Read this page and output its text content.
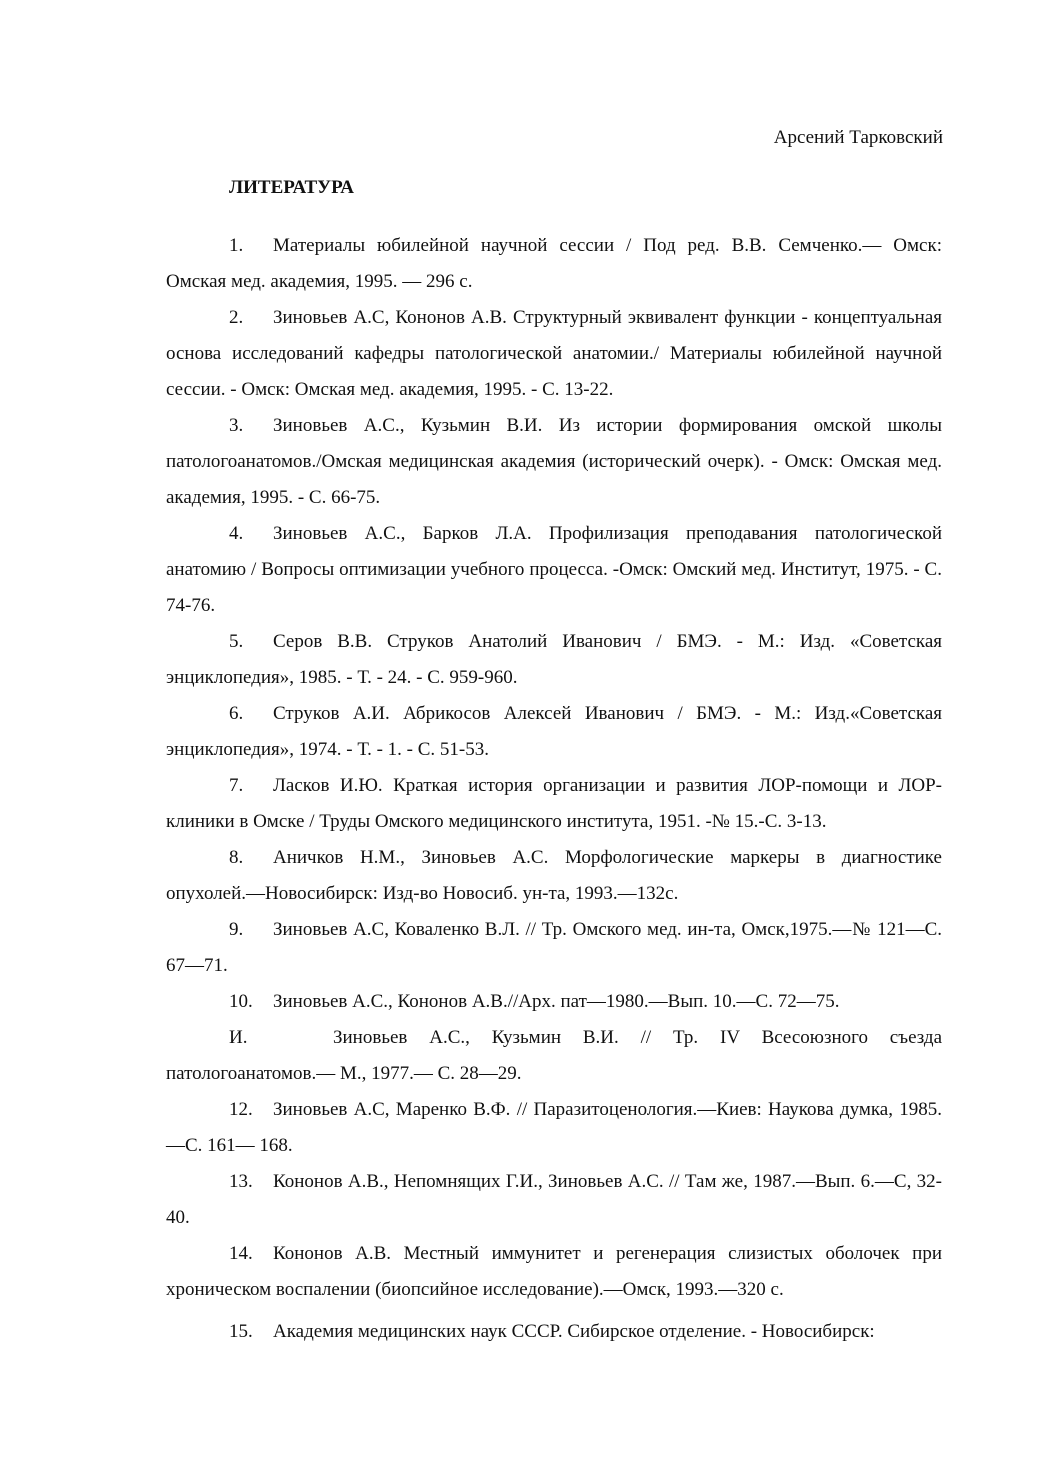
Арсений Тарковский
ЛИТЕРАТУРА
1. Материалы юбилейной научной сессии / Под ред. В.В. Семченко.— Омск: Омская мед. академия, 1995. — 296 с.
2. Зиновьев А.С, Кононов А.В. Структурный эквивалент функции - концептуальная основа исследований кафедры патологической анатомии./ Материалы юбилейной научной сессии. - Омск: Омская мед. академия, 1995. - С. 13-22.
3. Зиновьев А.С., Кузьмин В.И. Из истории формирования омской школы патологоанатомов./Омская медицинская академия (исторический очерк). - Омск: Омская мед. академия, 1995. - С. 66-75.
4. Зиновьев А.С., Барков Л.А. Профилизация преподавания патологической анатомию / Вопросы оптимизации учебного процесса. -Омск: Омский мед. Институт, 1975. - С. 74-76.
5. Серов В.В. Струков Анатолий Иванович / БМЭ. - М.: Изд. «Советская энциклопедия», 1985. - Т. - 24. - С. 959-960.
6. Струков А.И. Абрикосов Алексей Иванович / БМЭ. - М.: Изд.«Советская энциклопедия», 1974. - Т. - 1. - С. 51-53.
7. Ласков И.Ю. Краткая история организации и развития ЛОР-помощи и ЛОР-клиники в Омске / Труды Омского медицинского института, 1951. -№ 15.-С. 3-13.
8. Аничков Н.М., Зиновьев А.С. Морфологические маркеры в диагностике опухолей.—Новосибирск: Изд-во Новосиб. ун-та, 1993.—132с.
9. Зиновьев А.С, Коваленко В.Л. // Тр. Омского мед. ин-та, Омск,1975.—№ 121—С. 67—71.
10. Зиновьев А.С., Кононов А.В.//Арх. пат—1980.—Вып. 10.—С. 72—75.
И.	Зиновьев А.С., Кузьмин В.И. // Тр. IV Всесоюзного съезда патологоанатомов.— М., 1977.— С. 28—29.
12. Зиновьев А.С, Маренко В.Ф. // Паразитоценология.—Киев: Наукова думка, 1985.—С. 161— 168.
13. Кононов А.В., Непомнящих Г.И., Зиновьев А.С. // Там же, 1987.—Вып. 6.—С, 32-40.
14. Кононов А.В. Местный иммунитет и регенерация слизистых оболочек при хроническом воспалении (биопсийное исследование).—Омск, 1993.—320 с.
15. Академия медицинских наук СССР. Сибирское отделение. - Новосибирск:
